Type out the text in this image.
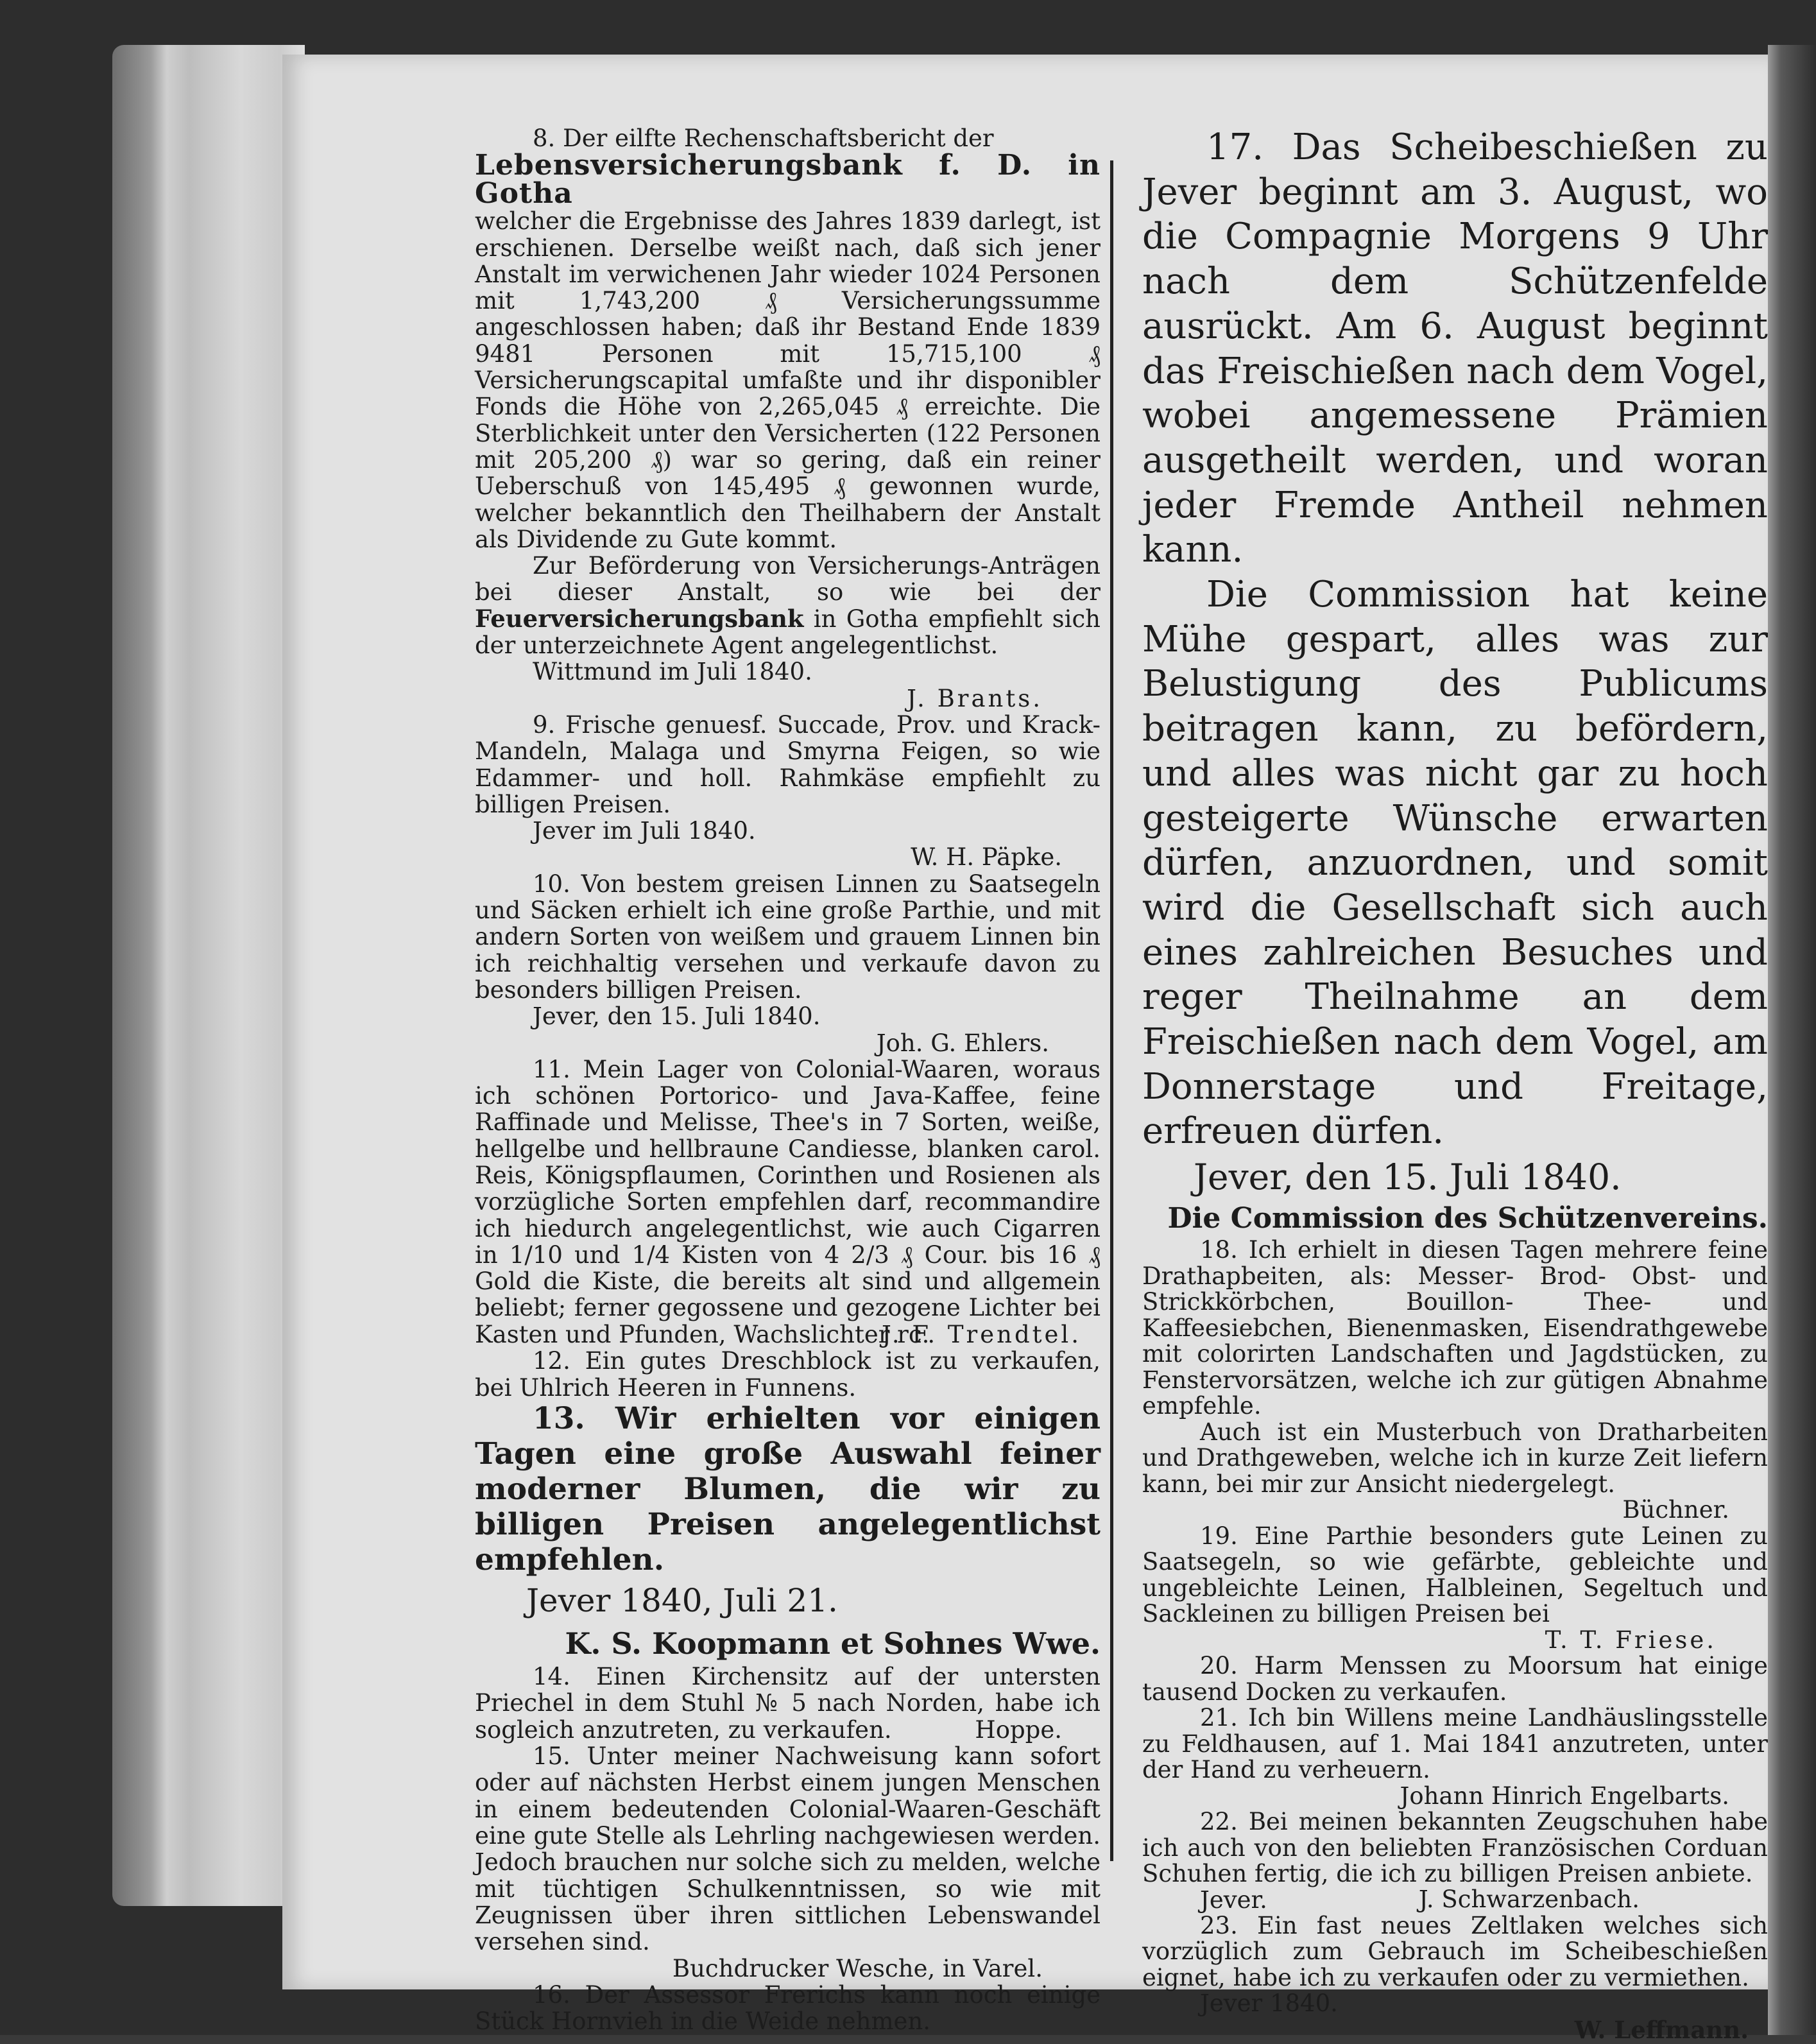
8. Der eilfte Rechenschaftsbericht der

Lebensversicherungsbank f. D. in Gotha

welcher die Ergebnisse des Jahres 1839 darlegt, ist erschienen. Derselbe weißt nach, daß sich jener Anstalt im verwichenen Jahr wieder 1024 Personen mit 1,743,200 ₰ Versicherungssumme angeschlossen haben; daß ihr Bestand Ende 1839 9481 Personen mit 15,715,100 ₰ Versicherungscapital umfaßte und ihr disponibler Fonds die Höhe von 2,265,045 ₰ erreichte. Die Sterblichkeit unter den Versicherten (122 Personen mit 205,200 ₰) war so gering, daß ein reiner Ueberschuß von 145,495 ₰ gewonnen wurde, welcher bekanntlich den Theilhabern der Anstalt als Dividende zu Gute kommt.

Zur Beförderung von Versicherungs-Anträgen bei dieser Anstalt, so wie bei der Feuerversicherungsbank in Gotha empfiehlt sich der unterzeichnete Agent angelegentlichst.

Wittmund im Juli 1840.

J. Brants.

9. Frische genuesf. Succade, Prov. und Krack-Mandeln, Malaga und Smyrna Feigen, so wie Edammer- und holl. Rahmkäse empfiehlt zu billigen Preisen.

Jever im Juli 1840.

W. H. Päpke.

10. Von bestem greisen Linnen zu Saatsegeln und Säcken erhielt ich eine große Parthie, und mit andern Sorten von weißem und grauem Linnen bin ich reichhaltig versehen und verkaufe davon zu besonders billigen Preisen.

Jever, den 15. Juli 1840.

Joh. G. Ehlers.

11. Mein Lager von Colonial-Waaren, woraus ich schönen Portorico- und Java-Kaffee, feine Raffinade und Melisse, Thee's in 7 Sorten, weiße, hellgelbe und hellbraune Candiesse, blanken carol. Reis, Königspflaumen, Corinthen und Rosienen als vorzügliche Sorten empfehlen darf, recommandire ich hiedurch angelegentlichst, wie auch Cigarren in 1/10 und 1/4 Kisten von 4 2/3 ₰ Cour. bis 16 ₰ Gold die Kiste, die bereits alt sind und allgemein beliebt; ferner gegossene und gezogene Lichter bei Kasten und Pfunden, Wachslichter rc.

J. F. Trendtel.

12. Ein gutes Dreschblock ist zu verkaufen, bei Uhlrich Heeren in Funnens.

13. Wir erhielten vor einigen Tagen eine große Auswahl feiner moderner Blumen, die wir zu billigen Preisen angelegentlichst empfehlen.

Jever 1840, Juli 21.

K. S. Koopmann et Sohnes Wwe.

14. Einen Kirchensitz auf der untersten Priechel in dem Stuhl № 5 nach Norden, habe ich sogleich anzutreten, zu verkaufen.	Hoppe.

15. Unter meiner Nachweisung kann sofort oder auf nächsten Herbst einem jungen Menschen in einem bedeutenden Colonial-Waaren-Geschäft eine gute Stelle als Lehrling nachgewiesen werden. Jedoch brauchen nur solche sich zu melden, welche mit tüchtigen Schulkenntnissen, so wie mit Zeugnissen über ihren sittlichen Lebenswandel versehen sind.

Buchdrucker Wesche, in Varel.

16. Der Assessor Frerichs kann noch einige Stück Hornvieh in die Weide nehmen.

17. Das Scheibeschießen zu Jever beginnt am 3. August, wo die Compagnie Morgens 9 Uhr nach dem Schützenfelde ausrückt. Am 6. August beginnt das Freischießen nach dem Vogel, wobei angemessene Prämien ausgetheilt werden, und woran jeder Fremde Antheil nehmen kann.

Die Commission hat keine Mühe gespart, alles was zur Belustigung des Publicums beitragen kann, zu befördern, und alles was nicht gar zu hoch gesteigerte Wünsche erwarten dürfen, anzuordnen, und somit wird die Gesellschaft sich auch eines zahlreichen Besuches und reger Theilnahme an dem Freischießen nach dem Vogel, am Donnerstage und Freitage, erfreuen dürfen.

Jever, den 15. Juli 1840.

Die Commission des Schützenvereins.

18. Ich erhielt in diesen Tagen mehrere feine Drathарbeiten, als: Messer- Brod- Obst- und Strickkörbchen, Bouillon- Thee- und Kaffeesiebchen, Bienenmasken, Eisendrathgewebe mit colorirten Landschaften und Jagdstücken, zu Fenstervorsätzen, welche ich zur gütigen Abnahme empfehle.

Auch ist ein Musterbuch von Drathаrbeiten und Drathgeweben, welche ich in kurze Zeit liefern kann, bei mir zur Ansicht niedergelegt.

Büchner.

19. Eine Parthie besonders gute Leinen zu Saatsegeln, so wie gefärbte, gebleichte und ungebleichte Leinen, Halbleinen, Segeltuch und Sackleinen zu billigen Preisen bei

T. T. Friese.

20. Harm Menssen zu Moorsum hat einige tausend Docken zu verkaufen.

21. Ich bin Willens meine Landhäuslingsstelle zu Feldhausen, auf 1. Mai 1841 anzutreten, unter der Hand zu verheuern.

Johann Hinrich Engelbarts.

22. Bei meinen bekannten Zeugschuhen habe ich auch von den beliebten Französischen Corduan Schuhen fertig, die ich zu billigen Preisen anbiete.

Jever.	J. Schwarzenbach.

23. Ein fast neues Zeltlaken welches sich vorzüglich zum Gebrauch im Scheibeschießen eignet, habe ich zu verkaufen oder zu vermiethen.

Jever 1840.

W. Leffmann.
